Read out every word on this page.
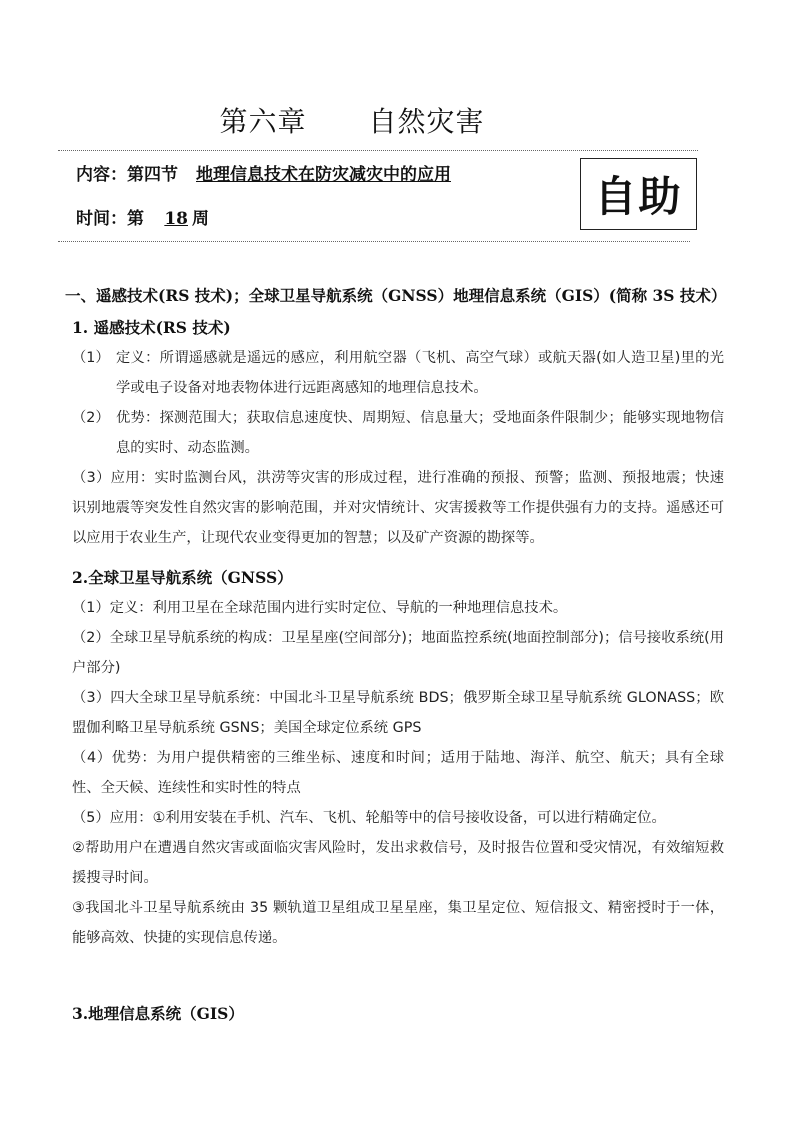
第六章 自然灾害
内容：第四节 地理信息技术在防灾减灾中的应用
时间：第 18 周	自助
一、遥感技术(RS 技术)；全球卫星导航系统（GNSS）地理信息系统（GIS）(简称 3S 技术）
1. 遥感技术(RS 技术)
（1） 定义：所谓遥感就是遥远的感应，利用航空器（飞机、高空气球）或航天器(如人造卫星)里的光学或电子设备对地表物体进行远距离感知的地理信息技术。
（2） 优势：探测范围大；获取信息速度快、周期短、信息量大；受地面条件限制少；能够实现地物信息的实时、动态监测。
（3）应用：实时监测台风，洪涝等灾害的形成过程，进行准确的预报、预警；监测、预报地震；快速识别地震等突发性自然灾害的影响范围，并对灾情统计、灾害援救等工作提供强有力的支持。遥感还可以应用于农业生产，让现代农业变得更加的智慧；以及矿产资源的勘探等。
2.全球卫星导航系统（GNSS）
（1）定义：利用卫星在全球范围内进行实时定位、导航的一种地理信息技术。
（2）全球卫星导航系统的构成：卫星星座(空间部分)；地面监控系统(地面控制部分)；信号接收系统(用户部分)
（3）四大全球卫星导航系统：中国北斗卫星导航系统 BDS；俄罗斯全球卫星导航系统 GLONASS；欧盟伽利略卫星导航系统 GSNS；美国全球定位系统 GPS
（4）优势：为用户提供精密的三维坐标、速度和时间；适用于陆地、海洋、航空、航天；具有全球性、全天候、连续性和实时性的特点
（5）应用：①利用安装在手机、汽车、飞机、轮船等中的信号接收设备，可以进行精确定位。
②帮助用户在遭遇自然灾害或面临灾害风险时，发出求救信号，及时报告位置和受灾情况，有效缩短救援搜寻时间。
③我国北斗卫星导航系统由 35 颗轨道卫星组成卫星星座，集卫星定位、短信报文、精密授时于一体，能够高效、快捷的实现信息传递。
3.地理信息系统（GIS）
